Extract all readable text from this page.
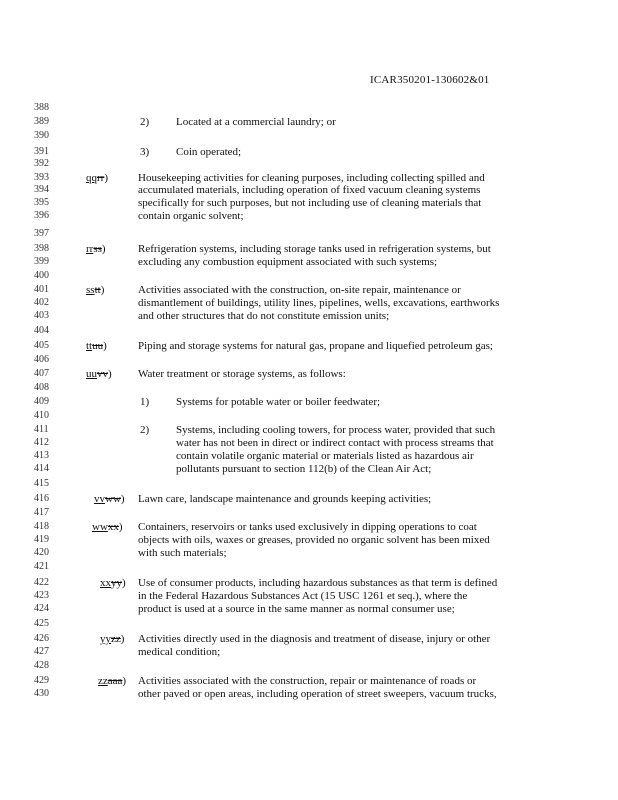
ICAR350201-130602&01
388
389
390
391
392
393
394
395
396
397
398
399
400
401
402
403
404
405
406
407
408
409
410
411
412
413
414
415
416
417
418
419
420
421
422
423
424
425
426
427
428
429
430
2) Located at a commercial laundry; or
3) Coin operated;
qqrr)	Housekeeping activities for cleaning purposes, including collecting spilled and
accumulated materials, including operation of fixed vacuum cleaning systems
specifically for such purposes, but not including use of cleaning materials that
contain organic solvent;
rrss)	Refrigeration systems, including storage tanks used in refrigeration systems, but
excluding any combustion equipment associated with such systems;
sstt)	Activities associated with the construction, on-site repair, maintenance or
dismantlement of buildings, utility lines, pipelines, wells, excavations, earthworks
and other structures that do not constitute emission units;
ttuu)	Piping and storage systems for natural gas, propane and liquefied petroleum gas;
uuvv) Water treatment or storage systems, as follows:
1) Systems for potable water or boiler feedwater;
2) Systems, including cooling towers, for process water, provided that such
water has not been in direct or indirect contact with process streams that
contain volatile organic material or materials listed as hazardous air
pollutants pursuant to section 112(b) of the Clean Air Act;
vvww) Lawn care, landscape maintenance and grounds keeping activities;
wwxx) Containers, reservoirs or tanks used exclusively in dipping operations to coat
objects with oils, waxes or greases, provided no organic solvent has been mixed
with such materials;
xxyy) Use of consumer products, including hazardous substances as that term is defined
in the Federal Hazardous Substances Act (15 USC 1261 et seq.), where the
product is used at a source in the same manner as normal consumer use;
yyzz) Activities directly used in the diagnosis and treatment of disease, injury or other
medical condition;
zzaaa) Activities associated with the construction, repair or maintenance of roads or
other paved or open areas, including operation of street sweepers, vacuum trucks,
